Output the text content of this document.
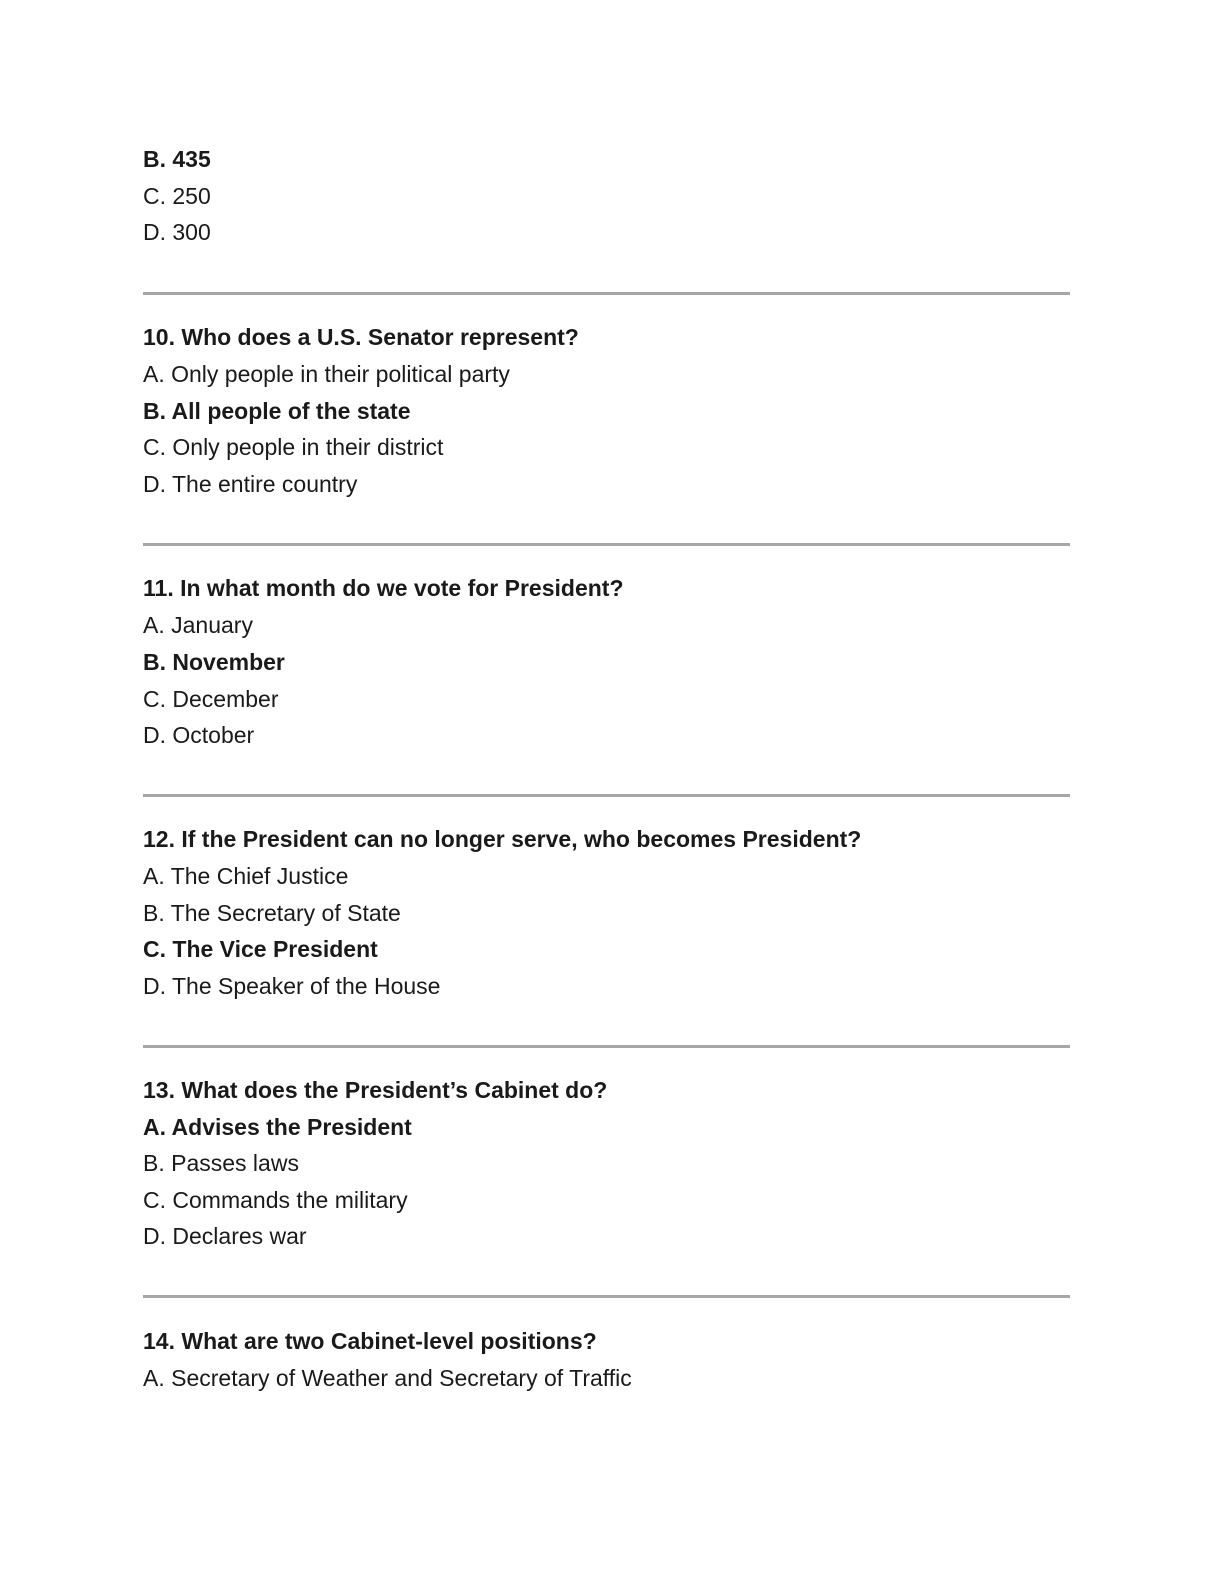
B. 435
C. 250
D. 300
10. Who does a U.S. Senator represent?
A. Only people in their political party
B. All people of the state
C. Only people in their district
D. The entire country
11. In what month do we vote for President?
A. January
B. November
C. December
D. October
12. If the President can no longer serve, who becomes President?
A. The Chief Justice
B. The Secretary of State
C. The Vice President
D. The Speaker of the House
13. What does the President’s Cabinet do?
A. Advises the President
B. Passes laws
C. Commands the military
D. Declares war
14. What are two Cabinet-level positions?
A. Secretary of Weather and Secretary of Traffic
